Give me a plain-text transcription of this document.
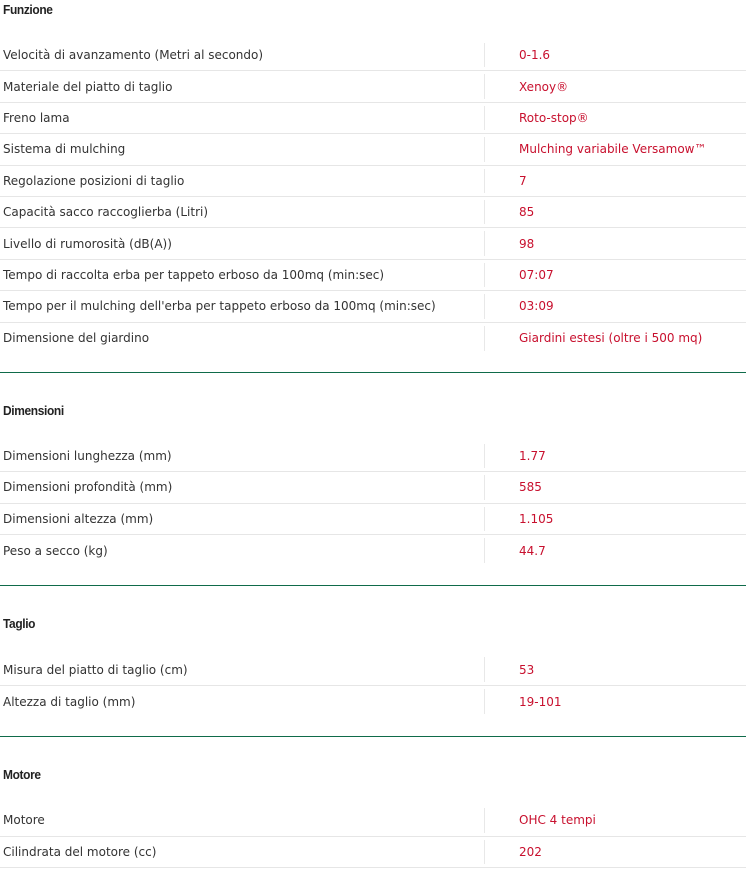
Funzione
Velocità di avanzamento (Metri al secondo)	0-1.6
Materiale del piatto di taglio	Xenoy®
Freno lama	Roto-stop®
Sistema di mulching	Mulching variabile Versamow™
Regolazione posizioni di taglio	7
Capacità sacco raccoglierba (Litri)	85
Livello di rumorosità (dB(A))	98
Tempo di raccolta erba per tappeto erboso da 100mq (min:sec)	07:07
Tempo per il mulching dell'erba per tappeto erboso da 100mq (min:sec)	03:09
Dimensione del giardino	Giardini estesi (oltre i 500 mq)
Dimensioni
Dimensioni lunghezza (mm)	1.77
Dimensioni profondità (mm)	585
Dimensioni altezza (mm)	1.105
Peso a secco (kg)	44.7
Taglio
Misura del piatto di taglio (cm)	53
Altezza di taglio (mm)	19-101
Motore
Motore	OHC 4 tempi
Cilindrata del motore (cc)	202
